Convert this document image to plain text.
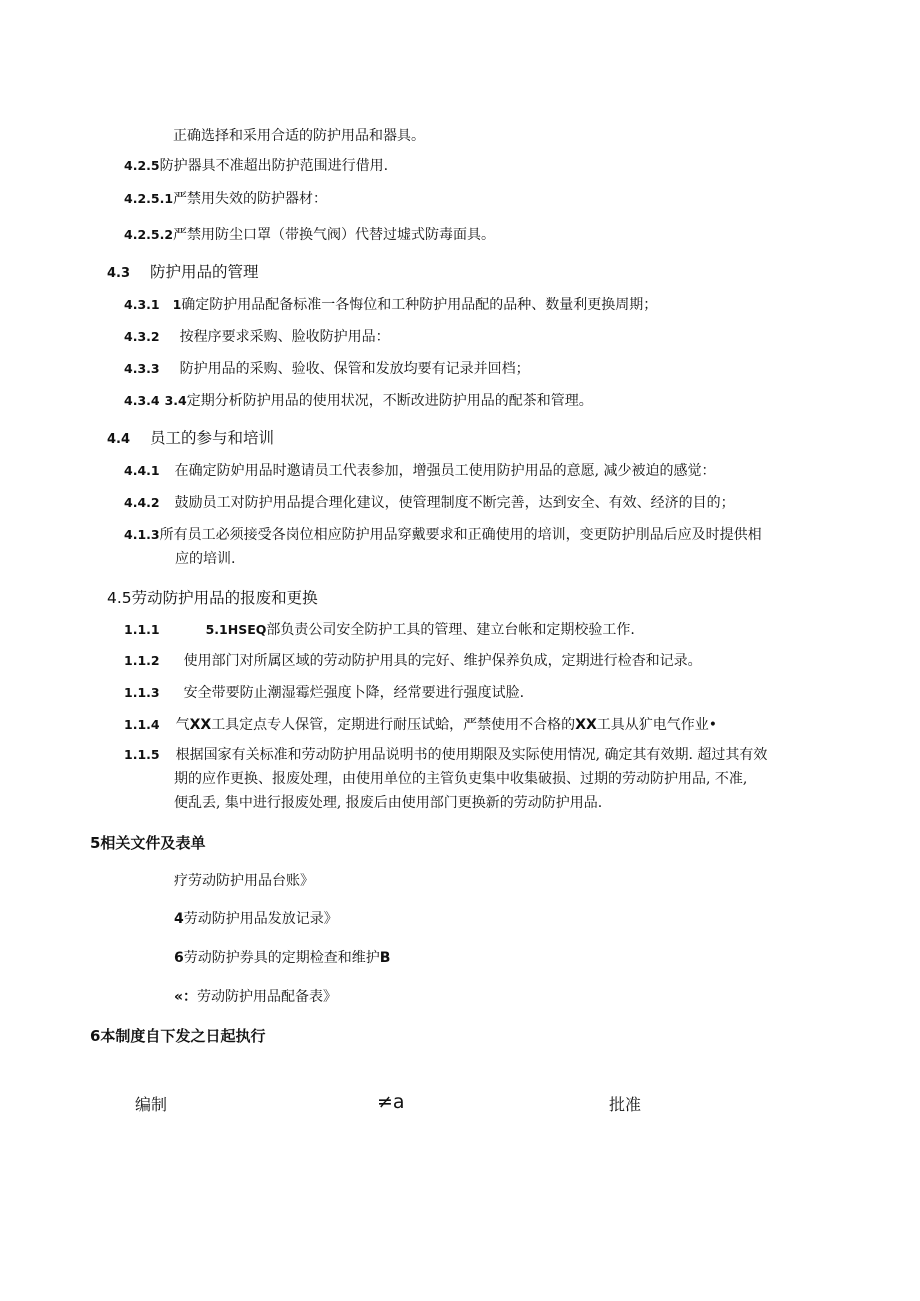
正确选择和采用合适的防护用品和器具。
4.2.5防护器具不准超出防护范围进行借用.
4.2.5.1严禁用失效的防护器材：
4.2.5.2严禁用防尘口罩（带换气阀）代替过墟式防毒面具。
4.3 防护用品的管理
4.3.1 1确定防护用品配备标准一各悔位和工种防护用品配的品种、数量利更换周期；
4.3.2 按程序要求采购、脸收防护用品：
4.3.3 防护用品的采购、验收、保管和发放均要有记录并回档；
4.3.4 3.4定期分析防护用品的使用状况，不断改进防护用品的配茶和管理。
4.4 员工的参与和培训
4.4.1 在确定防妒用品时邀请员工代表参加，增强员工使用防护用品的意愿, 减少被迫的感觉：
4.4.2 鼓励员工对防护用品提合理化建议，使管理制度不断完善，达到安全、有效、经济的目的；
4.1.3所有员工必须接受各岗位相应防护用品穿戴要求和正确使用的培训，变更防护刖品后应及时提供相
应的培训.
4.5劳动防护用品的报废和更换
1.1.1	5.1HSEQ部负责公司安全防护工具的管理、建立台帐和定期校验工作.
1.1.2 使用部门对所属区域的劳动防护用具的完好、维护保养负成，定期进行检杳和记录。
1.1.3 安全带要防止潮湿霉烂强度卜降，经常要进行强度试脸.
1.1.4 气XX工具定点专人保管，定期进行耐压试蛤，严禁使用不合格的XX工具从犷电气作业•
1.1.5 根据国家有关标准和劳动防护用品说明书的使用期限及实际使用情况, 确定其有效期. 超过其有效
期的应作更换、报废处理，由使用单位的主管负吏集中收集破损、过期的劳动防护用品, 不准,
便乱丢, 集中进行报废处理, 报废后由使用部门更换新的劳动防护用品.
5相关文件及表单
疗劳动防护用品台账》
4劳动防护用品发放记录》
6劳动防护券具的定期检查和维护B
«：劳动防护用品配备表》
6本制度自下发之日起执行
编制	≠a	批准
